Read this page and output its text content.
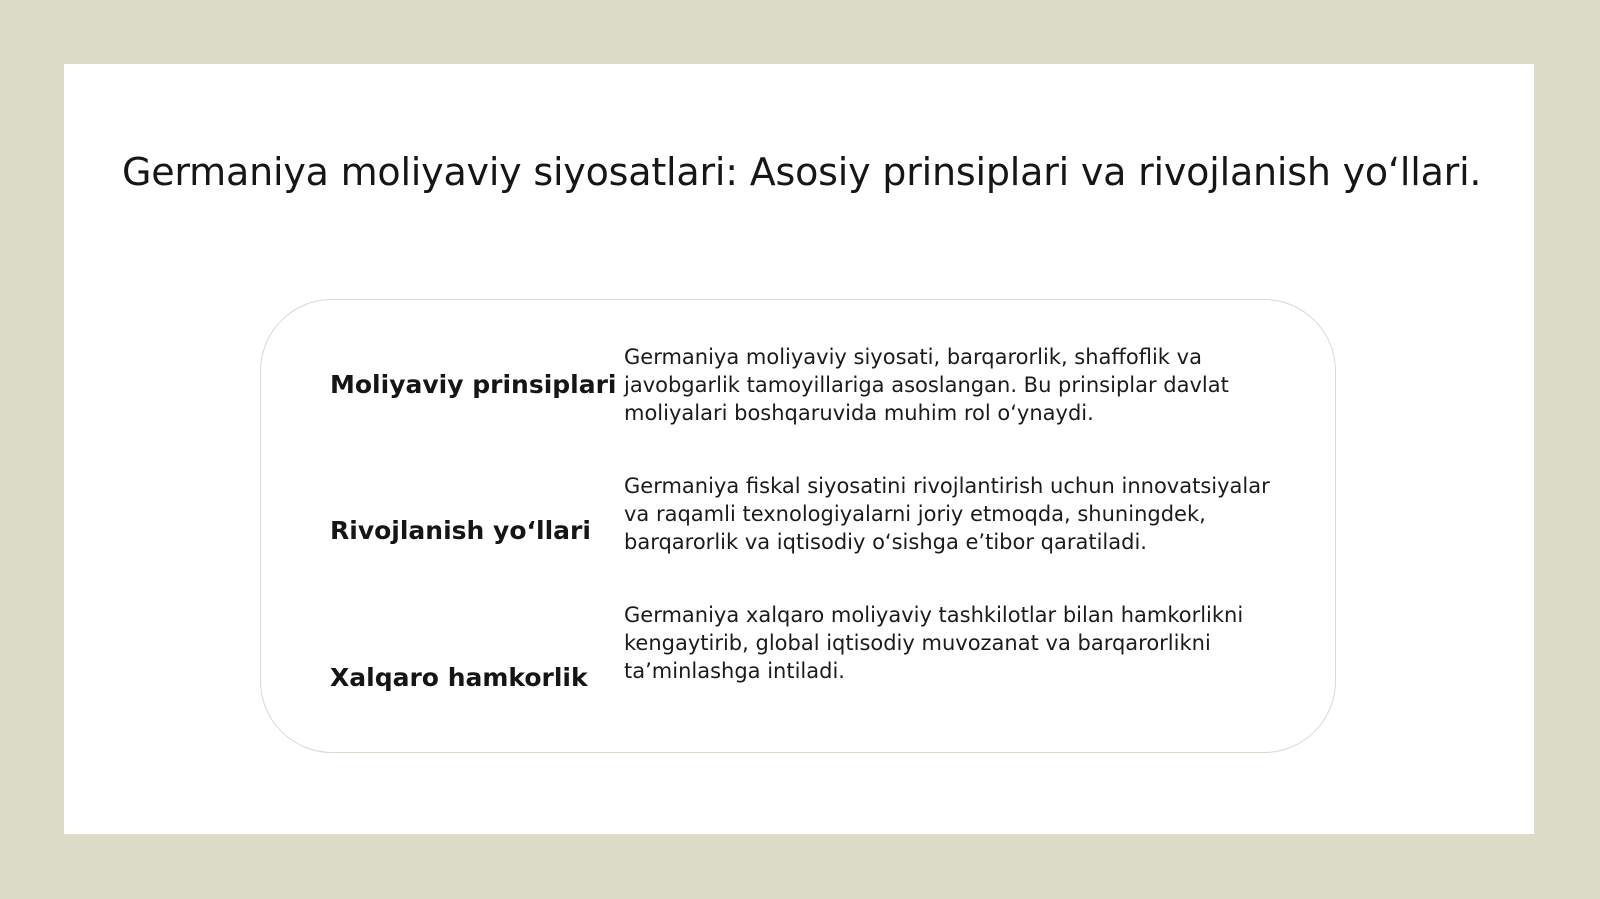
Germaniya moliyaviy siyosatlari: Asosiy prinsiplari va rivojlanish yo‘llari.
Moliyaviy prinsiplari

Germaniya moliyaviy siyosati, barqarorlik, shaffoflik va javobgarlik tamoyillariga asoslangan. Bu prinsiplar davlat moliyalari boshqaruvida muhim rol o‘ynaydi.

Rivojlanish yo‘llari

Germaniya fiskal siyosatini rivojlantirish uchun innovatsiyalar va raqamli texnologiyalarni joriy etmoqda, shuningdek, barqarorlik va iqtisodiy o‘sishga e’tibor qaratiladi.

Xalqaro hamkorlik

Germaniya xalqaro moliyaviy tashkilotlar bilan hamkorlikni kengaytirib, global iqtisodiy muvozanat va barqarorlikni ta’minlashga intiladi.
